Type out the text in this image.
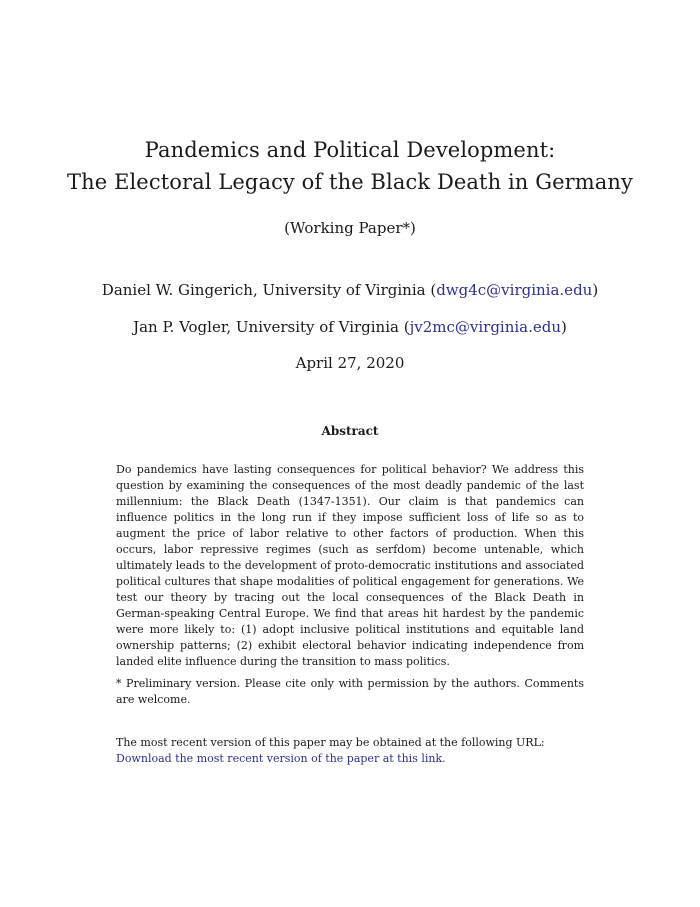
Pandemics and Political Development:
The Electoral Legacy of the Black Death in Germany
(Working Paper*)
Daniel W. Gingerich, University of Virginia (dwg4c@virginia.edu)
Jan P. Vogler, University of Virginia (jv2mc@virginia.edu)
April 27, 2020
Abstract
Do pandemics have lasting consequences for political behavior? We address this question by examining the consequences of the most deadly pandemic of the last millennium: the Black Death (1347-1351). Our claim is that pandemics can influence politics in the long run if they impose sufficient loss of life so as to augment the price of labor relative to other factors of production. When this occurs, labor repressive regimes (such as serfdom) become untenable, which ultimately leads to the development of proto-democratic institutions and associated political cultures that shape modalities of political engagement for generations. We test our theory by tracing out the local consequences of the Black Death in German-speaking Central Europe. We find that areas hit hardest by the pandemic were more likely to: (1) adopt inclusive political institutions and equitable land ownership patterns; (2) exhibit electoral behavior indicating independence from landed elite influence during the transition to mass politics.
* Preliminary version. Please cite only with permission by the authors. Comments are welcome.
The most recent version of this paper may be obtained at the following URL:
Download the most recent version of the paper at this link.
